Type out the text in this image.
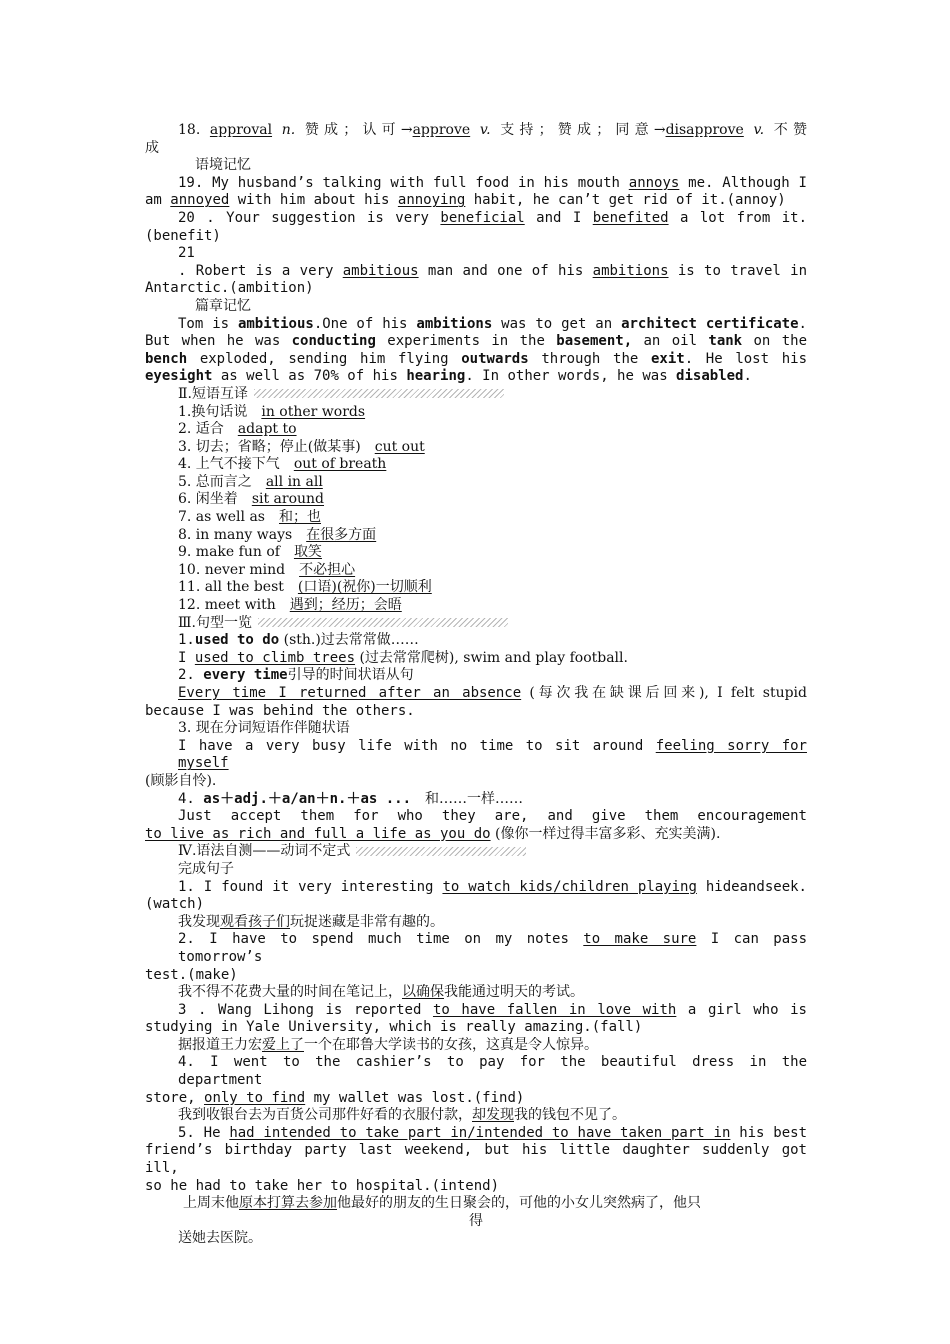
18. approval n. 赞成；认可→approve v. 支持；赞成；同意→disapprove v. 不赞
成
语境记忆
19. My husband’s talking with full food in his mouth annoys me. Although I
am annoyed with him about his annoying habit, he can’t get rid of it.(annoy)
20 . Your suggestion is very beneficial and I benefited a lot from it.
(benefit)
21
. Robert is a very ambitious man and one of his ambitions is to travel in
Antarctic.(ambition)
篇章记忆
Tom is ambitious.One of his ambitions was to get an architect certificate.
But when he was conducting experiments in the basement, an oil tank on the
bench exploded, sending him flying outwards through the exit. He lost his
eyesight as well as 70% of his hearing. In other words, he was disabled.
Ⅱ.短语互译
1.换句话说　in other words
2. 适合　adapt to
3. 切去；省略；停止(做某事)　cut out
4. 上气不接下气　out of breath
5. 总而言之　all in all
6. 闲坐着　sit around
7. as well as　和；也
8. in many ways　在很多方面
9. make fun of　取笑
10. never mind　不必担心
11. all the best　(口语)(祝你)一切顺利
12. meet with　遇到；经历；会晤
Ⅲ.句型一览
1.used to do (sth.)过去常常做……
I used to climb trees (过去常常爬树), swim and play football.
2. every time引导的时间状语从句
Every time I returned after an absence (每次我在缺课后回来), I felt stupid
because I was behind the others.
3. 现在分词短语作伴随状语
I have a very busy life with no time to sit around feeling sorry for myself
(顾影自怜).
4. as＋adj.＋a/an＋n.＋as ...　和……一样……
Just accept them for who they are, and give them encouragement
to live as rich and full a life as you do (像你一样过得丰富多彩、充实美满).
Ⅳ.语法自测——动词不定式
完成句子
1. I found it very interesting to watch kids/children playing hideandseek.
(watch)
我发现观看孩子们玩捉迷藏是非常有趣的。
2. I have to spend much time on my notes to make sure I can pass tomorrow’s
test.(make)
我不得不花费大量的时间在笔记上，以确保我能通过明天的考试。
3 . Wang Lihong is reported to have fallen in love with a girl who is
studying in Yale University, which is really amazing.(fall)
据报道王力宏爱上了一个在耶鲁大学读书的女孩，这真是令人惊异。
4. I went to the cashier’s to pay for the beautiful dress in the department
store, only to find my wallet was lost.(find)
我到收银台去为百货公司那件好看的衣服付款，却发现我的钱包不见了。
5. He had intended to take part in/intended to have taken part in his best
friend’s birthday party last weekend, but his little daughter suddenly got ill,
so he had to take her to hospital.(intend)
上周末他原本打算去参加他最好的朋友的生日聚会的，可他的小女儿突然病了，他只
得
送她去医院。
